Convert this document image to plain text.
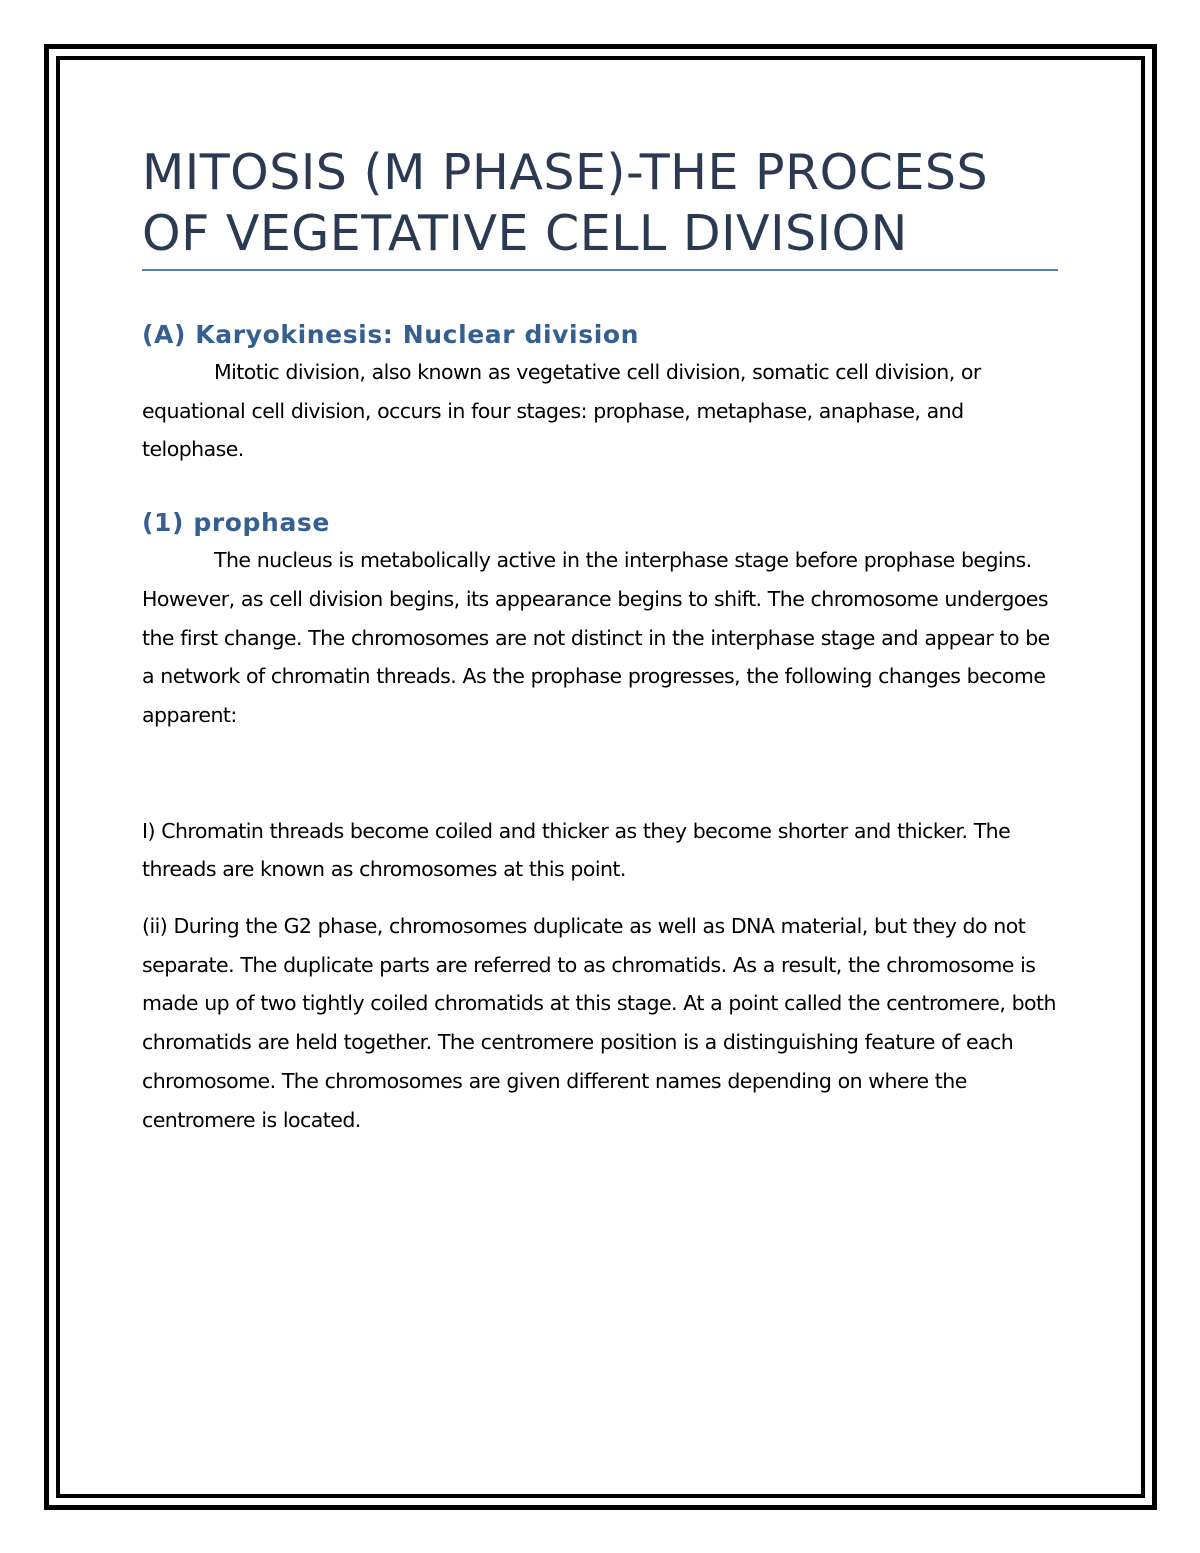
MITOSIS (M PHASE)-THE PROCESS OF VEGETATIVE CELL DIVISION
(A) Karyokinesis: Nuclear division

Mitotic division, also known as vegetative cell division, somatic cell division, or equational cell division, occurs in four stages: prophase, metaphase, anaphase, and telophase.

(1) prophase

The nucleus is metabolically active in the interphase stage before prophase begins. However, as cell division begins, its appearance begins to shift. The chromosome undergoes the first change. The chromosomes are not distinct in the interphase stage and appear to be a network of chromatin threads. As the prophase progresses, the following changes become apparent:

I) Chromatin threads become coiled and thicker as they become shorter and thicker. The threads are known as chromosomes at this point.

(ii) During the G2 phase, chromosomes duplicate as well as DNA material, but they do not separate. The duplicate parts are referred to as chromatids. As a result, the chromosome is made up of two tightly coiled chromatids at this stage. At a point called the centromere, both chromatids are held together. The centromere position is a distinguishing feature of each chromosome. The chromosomes are given different names depending on where the centromere is located.
